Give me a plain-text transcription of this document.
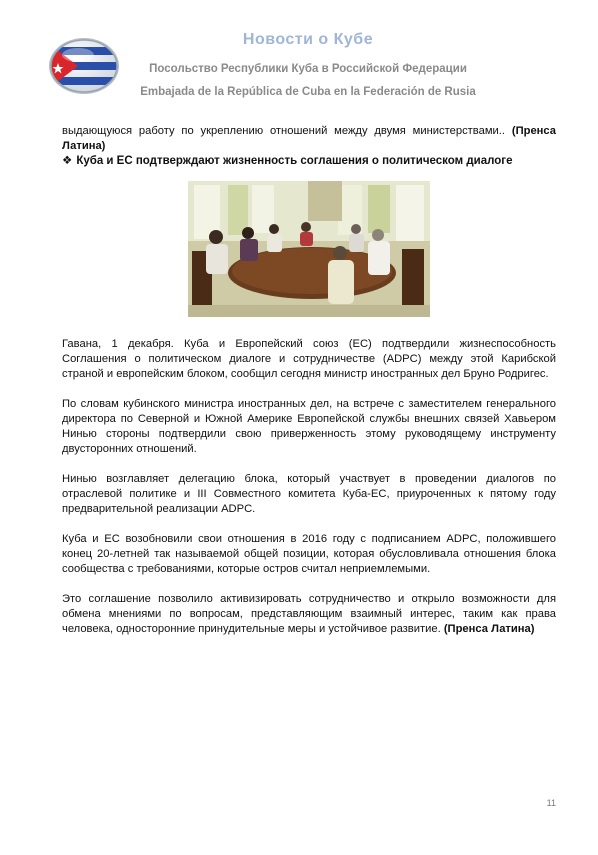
Новости о Кубе
Посольство Республики Куба в Российской Федерации
Embajada de la República de Cuba en la Federación de Rusia

выдающуюся работу по укреплению отношений между двумя министерствами.. (Пренса Латина)

❖ Куба и ЕС подтверждают жизненность соглашения о политическом диалоге

Гавана, 1 декабря. Куба и Европейский союз (ЕС) подтвердили жизнеспособность Соглашения о политическом диалоге и сотрудничестве (ADPC) между этой Карибской страной и европейским блоком, сообщил сегодня министр иностранных дел Бруно Родригес.

По словам кубинского министра иностранных дел, на встрече с заместителем генерального директора по Северной и Южной Америке Европейской службы внешних связей Хавьером Нинью стороны подтвердили свою приверженность этому руководящему инструменту двусторонних отношений.

Нинью возглавляет делегацию блока, который участвует в проведении диалогов по отраслевой политике и III Совместного комитета Куба-ЕС, приуроченных к пятому году предварительной реализации ADPC.

Куба и ЕС возобновили свои отношения в 2016 году с подписанием ADPC, положившего конец 20-летней так называемой общей позиции, которая обусловливала отношения блока сообщества с требованиями, которые остров считал неприемлемыми.

Это соглашение позволило активизировать сотрудничество и открыло возможности для обмена мнениями по вопросам, представляющим взаимный интерес, таким как права человека, односторонние принудительные меры и устойчивое развитие. (Пренса Латина)

11
